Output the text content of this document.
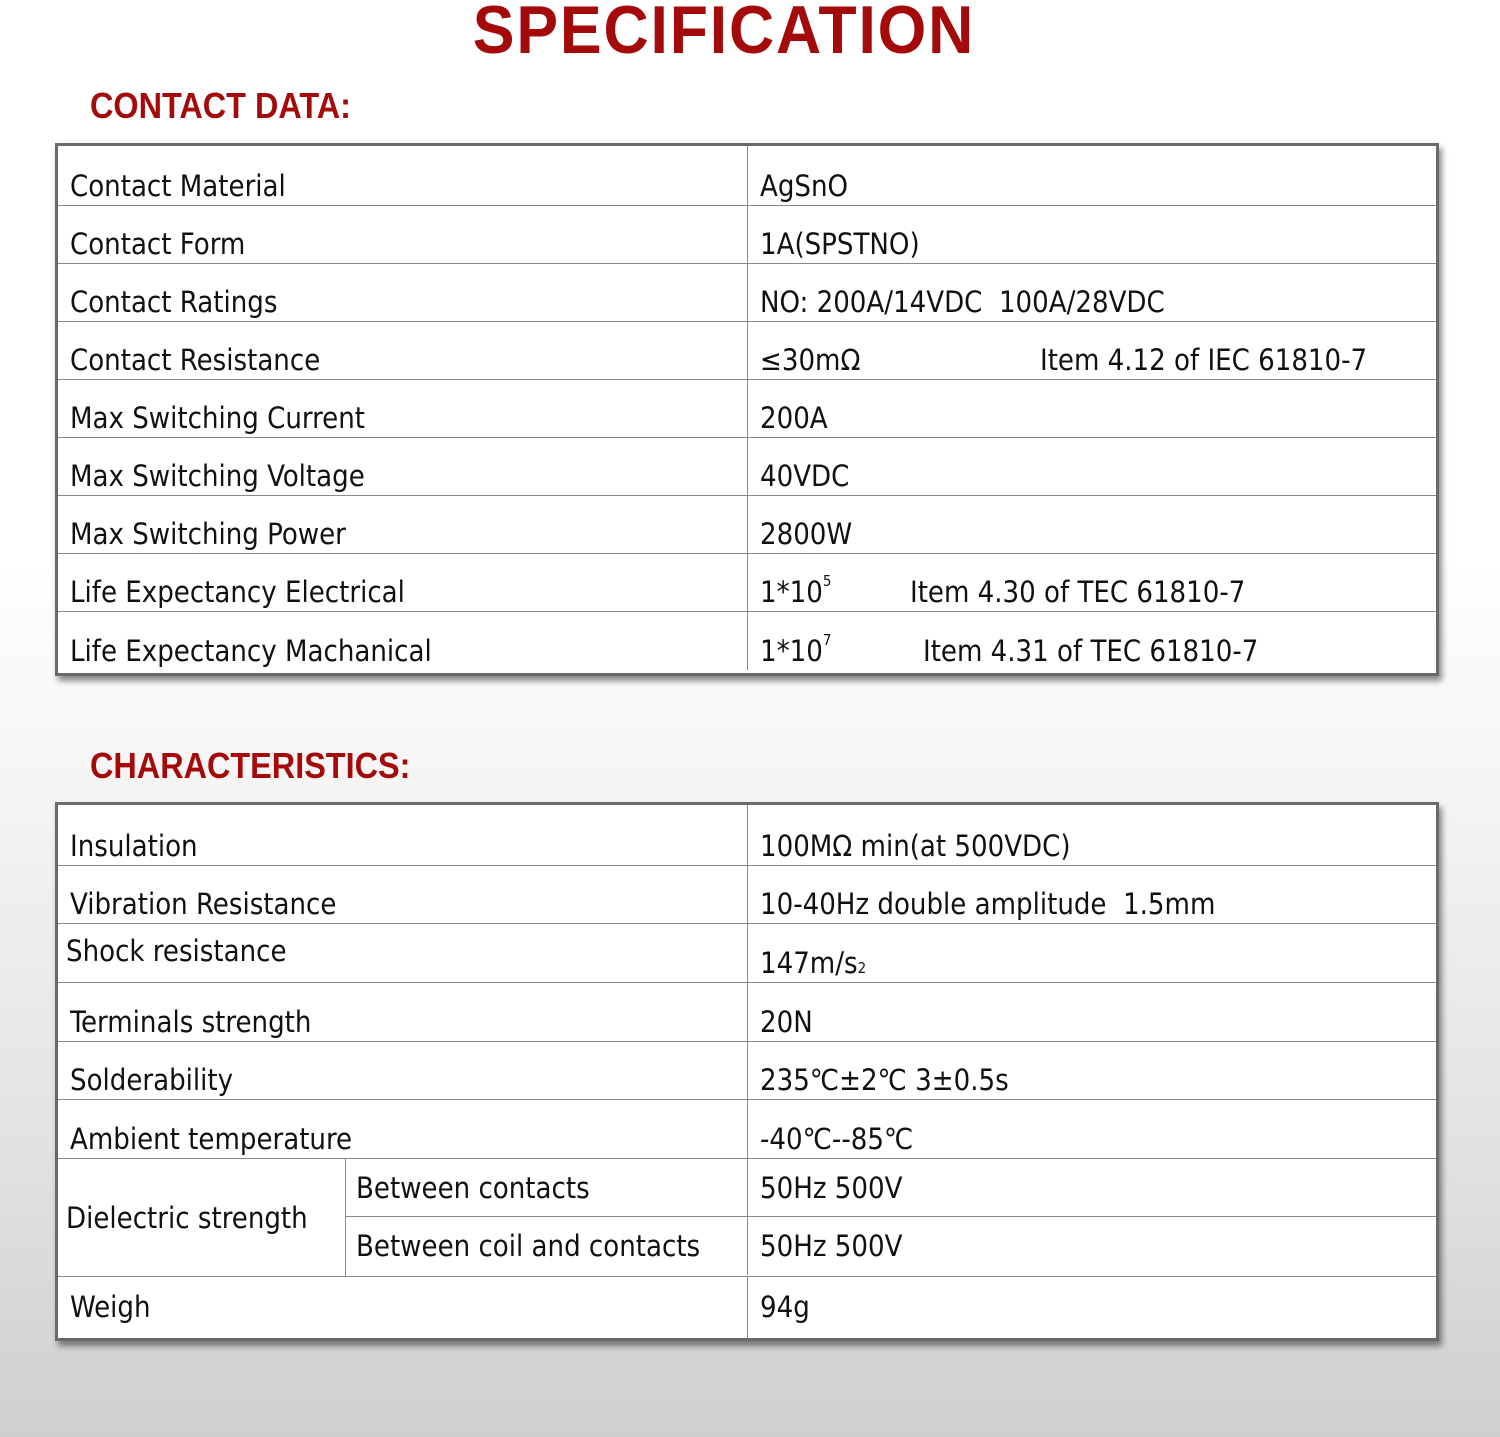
SPECIFICATION
CONTACT DATA:
Contact Material	AgSnO
Contact Form	1A(SPSTNO)
Contact Ratings	NO: 200A/14VDC  100A/28VDC
Contact Resistance	≤30mΩ	Item 4.12 of IEC 61810-7
Max Switching Current	200A
Max Switching Voltage	40VDC
Max Switching Power	2800W
Life Expectancy Electrical	$1*10^5$	Item 4.30 of TEC 61810-7
Life Expectancy Machanical	$1*10^7$	Item 4.31 of TEC 61810-7
CHARACTERISTICS:
Insulation	100MΩ min(at 500VDC)
Vibration Resistance	10-40Hz double amplitude  1.5mm
Shock resistance	147m/s 2
Terminals strength	20N
Solderability	235℃±2℃ 3±0.5s
Ambient temperature	-40℃--85℃
Dielectric strength
Between contacts	50Hz 500V
Between coil and contacts	50Hz 500V
Weigh	94g
